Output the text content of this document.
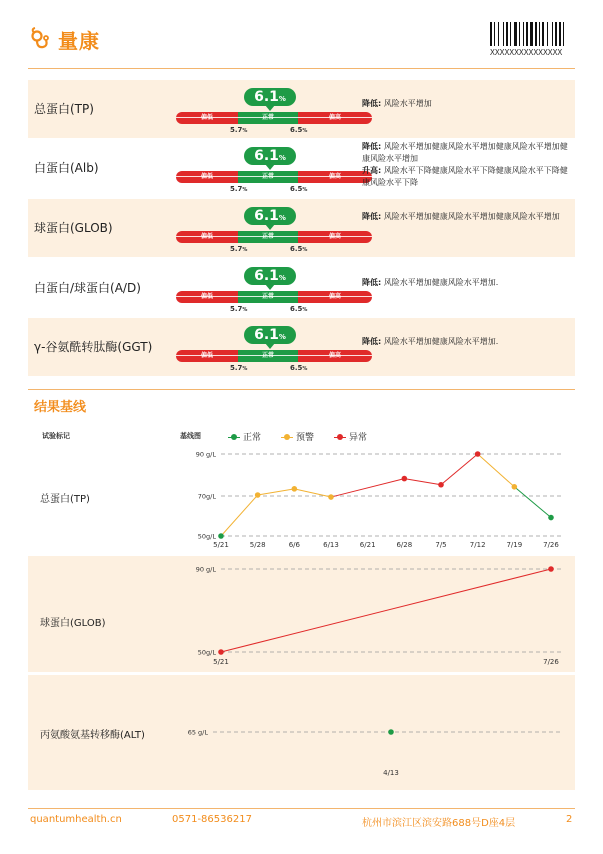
量康	XXXXXXXXXXXXXXX
总蛋白(TP)
6.1%
5.7%	6.5%
降低: 风险水平增加
白蛋白(Alb)
6.1%
5.7%	6.5%
降低: 风险水平增加健康风险水平增加健康风险水平增加健康风险水平增加
升高: 风险水平下降健康风险水平下降健康风险水平下降健康风险水平下降
球蛋白(GLOB)
6.1%
5.7%	6.5%
降低: 风险水平增加健康风险水平增加健康风险水平增加
白蛋白/球蛋白(A/D)
6.1%
5.7%	6.5%
降低: 风险水平增加健康风险水平增加.
γ-谷氨酰转肽酶(GGT)
6.1%
5.7%	6.5%
降低: 风险水平增加健康风险水平增加.
结果基线
试验标记	基线图	正常	预警	异常
总蛋白(TP)
90 g/L
70g/L
50g/L
5/21	5/28	6/6	6/13	6/21	6/28	7/5	7/12	7/19	7/26
球蛋白(GLOB)
90 g/L
50g/L
5/21	7/26
丙氨酸氨基转移酶(ALT)	65 g/L
4/13
quantumhealth.cn	0571-86536217	杭州市滨江区滨安路688号D座4层	2
